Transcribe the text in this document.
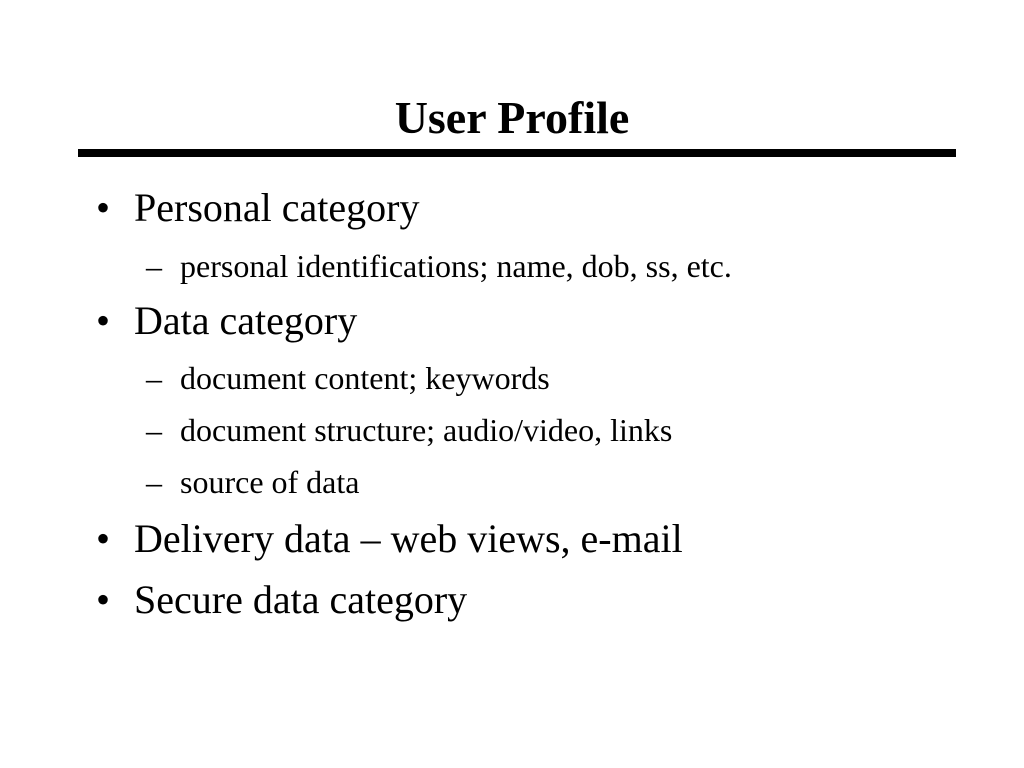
User Profile
• Personal category
– personal identifications; name, dob, ss, etc.
• Data category
– document content; keywords
– document structure; audio/video, links
– source of data
• Delivery data – web views, e-mail
• Secure data category
